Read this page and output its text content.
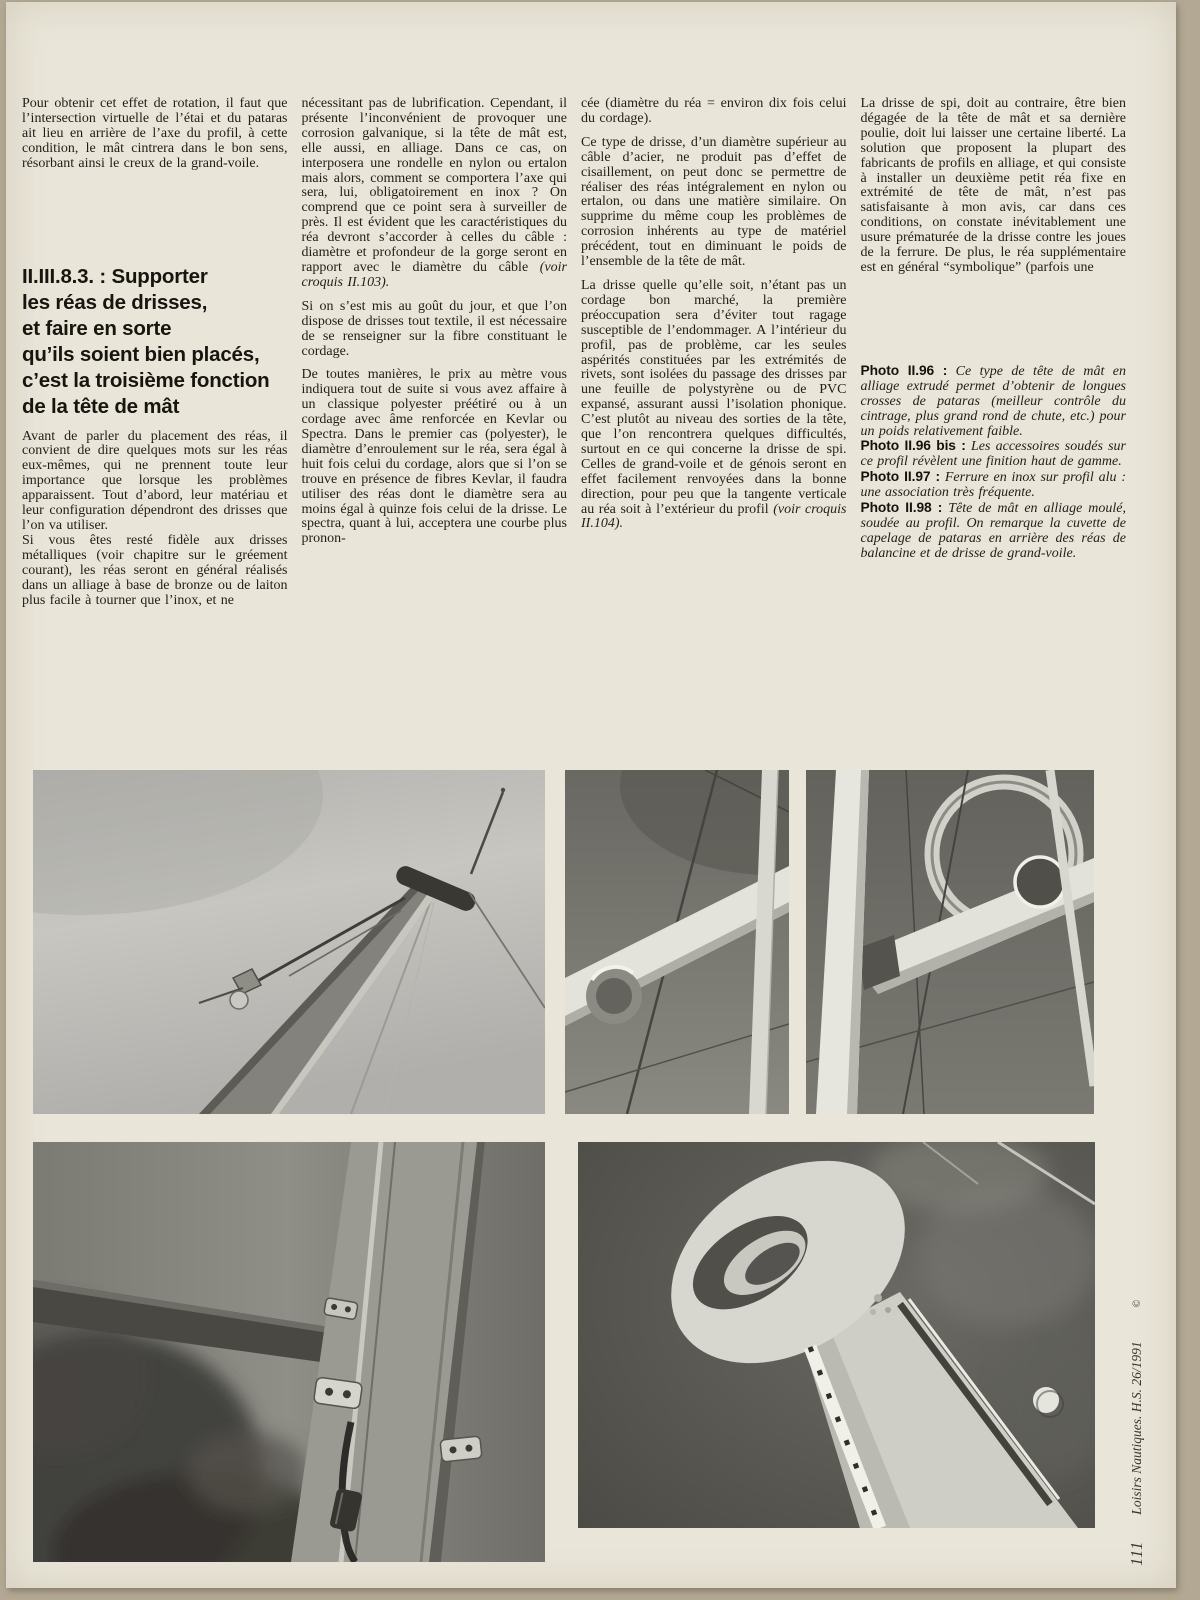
Pour obtenir cet effet de rotation, il faut que l’intersection virtuelle de l’étai et du pataras ait lieu en arrière de l’axe du profil, à cette condition, le mât cintrera dans le bon sens, résorbant ainsi le creux de la grand-voile.

II.III.8.3. : Supporter
les réas de drisses,
et faire en sorte
qu’ils soient bien placés,
c’est la troisième fonction
de la tête de mât

Avant de parler du placement des réas, il convient de dire quelques mots sur les réas eux-mêmes, qui ne prennent toute leur importance que lorsque les problèmes apparaissent. Tout d’abord, leur matériau et leur configuration dépendront des drisses que l’on va utiliser.

Si vous êtes resté fidèle aux drisses métalliques (voir chapitre sur le gréement courant), les réas seront en général réalisés dans un alliage à base de bronze ou de laiton plus facile à tourner que l’inox, et ne

nécessitant pas de lubrification. Cependant, il présente l’inconvénient de provoquer une corrosion galvanique, si la tête de mât est, elle aussi, en alliage. Dans ce cas, on interposera une rondelle en nylon ou ertalon mais alors, comment se comportera l’axe qui sera, lui, obligatoirement en inox ? On comprend que ce point sera à surveiller de près. Il est évident que les caractéristiques du réa devront s’accorder à celles du câble : diamètre et profondeur de la gorge seront en rapport avec le diamètre du câble (voir croquis II.103).

Si on s’est mis au goût du jour, et que l’on dispose de drisses tout textile, il est nécessaire de se renseigner sur la fibre constituant le cordage.

De toutes manières, le prix au mètre vous indiquera tout de suite si vous avez affaire à un classique polyester préétiré ou à un cordage avec âme renforcée en Kevlar ou Spectra. Dans le premier cas (polyester), le diamètre d’enroulement sur le réa, sera égal à huit fois celui du cordage, alors que si l’on se trouve en présence de fibres Kevlar, il faudra utiliser des réas dont le diamètre sera au moins égal à quinze fois celui de la drisse. Le spectra, quant à lui, acceptera une courbe plus pronon-

cée (diamètre du réa = environ dix fois celui du cordage).

Ce type de drisse, d’un diamètre supérieur au câble d’acier, ne produit pas d’effet de cisaillement, on peut donc se permettre de réaliser des réas intégralement en nylon ou ertalon, ou dans une matière similaire. On supprime du même coup les problèmes de corrosion inhérents au type de matériel précédent, tout en diminuant le poids de l’ensemble de la tête de mât.

La drisse quelle qu’elle soit, n’étant pas un cordage bon marché, la première préoccupation sera d’éviter tout ragage susceptible de l’endommager. A l’intérieur du profil, pas de problème, car les seules aspérités constituées par les extrémités de rivets, sont isolées du passage des drisses par une feuille de polystyrène ou de PVC expansé, assurant aussi l’isolation phonique. C’est plutôt au niveau des sorties de la tête, que l’on rencontrera quelques difficultés, surtout en ce qui concerne la drisse de spi. Celles de grand-voile et de génois seront en effet facilement renvoyées dans la bonne direction, pour peu que la tangente verticale au réa soit à l’extérieur du profil (voir croquis II.104).

La drisse de spi, doit au contraire, être bien dégagée de la tête de mât et sa dernière poulie, doit lui laisser une certaine liberté. La solution que proposent la plupart des fabricants de profils en alliage, et qui consiste à installer un deuxième petit réa fixe en extrémité de tête de mât, n’est pas satisfaisante à mon avis, car dans ces conditions, on constate inévitablement une usure prématurée de la drisse contre les joues de la ferrure. De plus, le réa supplémentaire est en général “symbolique” (parfois une

Photo II.96 : Ce type de tête de mât en alliage extrudé permet d’obtenir de longues crosses de pataras (meilleur contrôle du cintrage, plus grand rond de chute, etc.) pour un poids relativement faible.

Photo II.96 bis : Les accessoires soudés sur ce profil révèlent une finition haut de gamme.

Photo II.97 : Ferrure en inox sur profil alu : une association très fréquente.

Photo II.98 : Tête de mât en alliage moulé, soudée au profil. On remarque la cuvette de capelage de pataras en arrière des réas de balancine et de drisse de grand-voile.

111
Loisirs Nautiques. H.S. 26/1991
©
